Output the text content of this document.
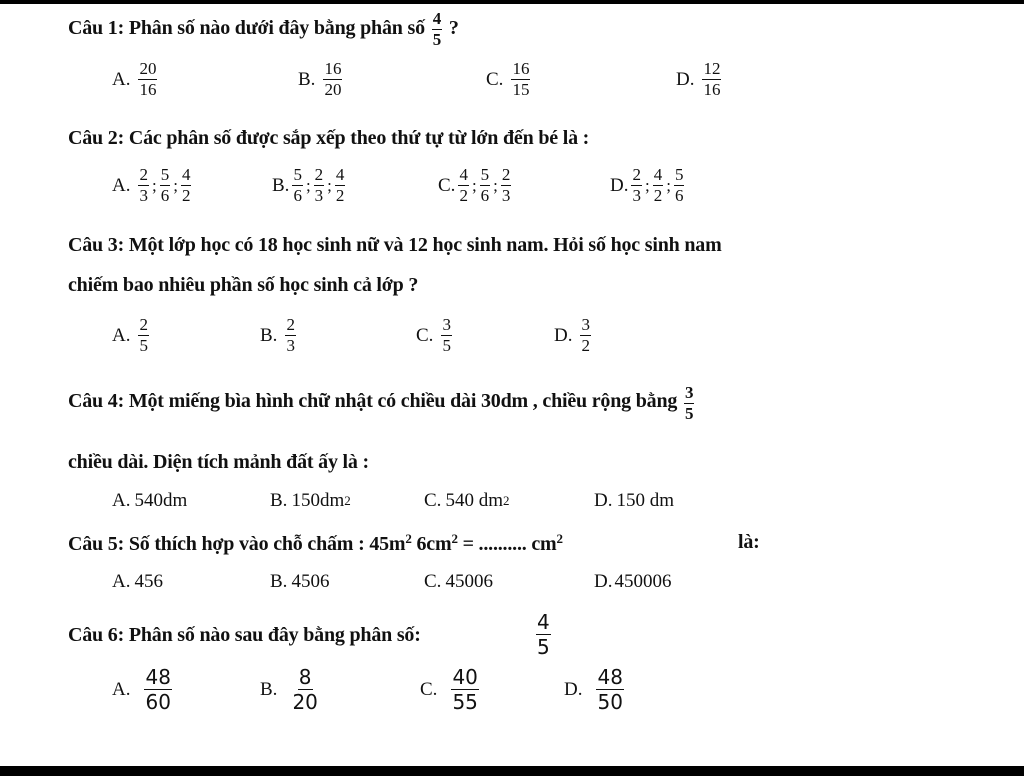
Câu 1: Phân số nào dưới đây bằng phân số $\frac{4}{5}$ ?
A. $\frac{20}{16}$	B. $\frac{16}{20}$	C. $\frac{16}{15}$	D. $\frac{12}{16}$
Câu 2: Các phân số được sắp xếp theo thứ tự từ lớn đến bé là :
A. $\frac{2}{3}$ ; $\frac{5}{6}$ ; $\frac{4}{2}$	B. $\frac{5}{6}$ ; $\frac{2}{3}$ ; $\frac{4}{2}$	C. $\frac{4}{2}$ ; $\frac{5}{6}$ ; $\frac{2}{3}$	D. $\frac{2}{3}$ ; $\frac{4}{2}$ ; $\frac{5}{6}$
Câu 3: Một lớp học có 18 học sinh nữ và 12 học sinh nam. Hỏi số học sinh nam
chiếm bao nhiêu phần số học sinh cả lớp ?
A. $\frac{2}{5}$	B. $\frac{2}{3}$	C. $\frac{3}{5}$	D. $\frac{3}{2}$
Câu 4: Một miếng bìa hình chữ nhật có chiều dài 30dm , chiều rộng bằng $\frac{3}{5}$
chiều dài. Diện tích mảnh đất ấy là :
A. 540dm	B. 150dm 2	C. 540 dm 2	D. 150 dm
Câu 5: Số thích hợp vào chỗ chấm : $45m^2$ $6cm^2$ = .......... $cm^2$	là:
A. 456	B. 4506	C. 45006	D. 450006
Câu 6: Phân số nào sau đây bằng phân số:	$\frac{4}{5}$
A. $\frac{48}{60}$	B. $\frac{8}{20}$	C. $\frac{40}{55}$	D. $\frac{48}{50}$
